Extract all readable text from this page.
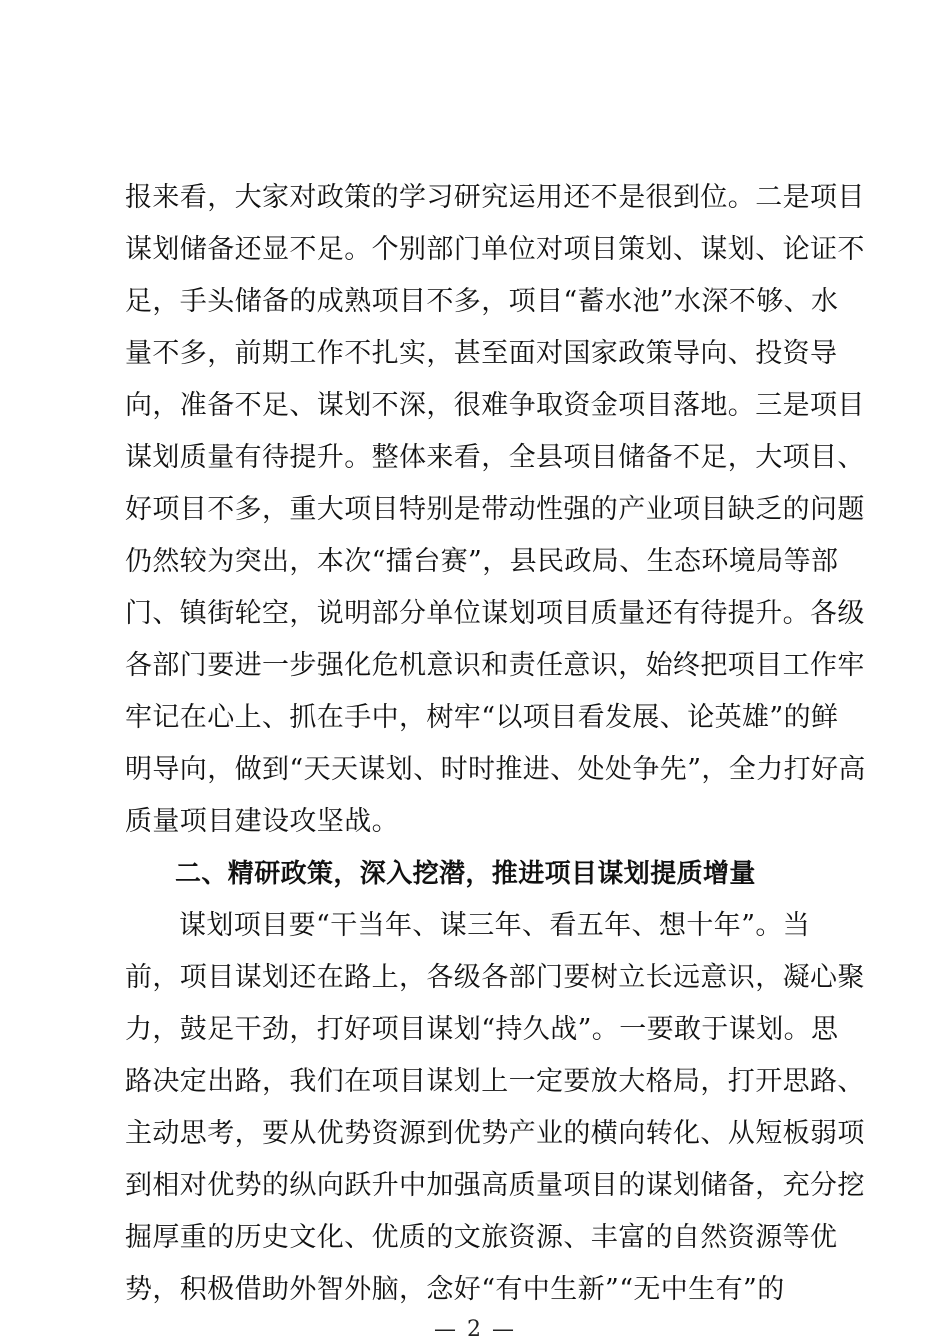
报来看，大家对政策的学习研究运用还不是很到位。二是项目
谋划储备还显不足。个别部门单位对项目策划、谋划、论证不
足，手头储备的成熟项目不多，项目“蓄水池”水深不够、水
量不多，前期工作不扎实，甚至面对国家政策导向、投资导
向，准备不足、谋划不深，很难争取资金项目落地。三是项目
谋划质量有待提升。整体来看，全县项目储备不足，大项目、
好项目不多，重大项目特别是带动性强的产业项目缺乏的问题
仍然较为突出，本次“擂台赛”，县民政局、生态环境局等部
门、镇街轮空，说明部分单位谋划项目质量还有待提升。各级
各部门要进一步强化危机意识和责任意识，始终把项目工作牢
牢记在心上、抓在手中，树牢“以项目看发展、论英雄”的鲜
明导向，做到“天天谋划、时时推进、处处争先”，全力打好高
质量项目建设攻坚战。
二、精研政策，深入挖潜，推进项目谋划提质增量
谋划项目要“干当年、谋三年、看五年、想十年”。当
前，项目谋划还在路上，各级各部门要树立长远意识，凝心聚
力，鼓足干劲，打好项目谋划“持久战”。一要敢于谋划。思
路决定出路，我们在项目谋划上一定要放大格局，打开思路、
主动思考，要从优势资源到优势产业的横向转化、从短板弱项
到相对优势的纵向跃升中加强高质量项目的谋划储备，充分挖
掘厚重的历史文化、优质的文旅资源、丰富的自然资源等优
势，积极借助外智外脑，念好“有中生新”“无中生有”的
— 2 —
